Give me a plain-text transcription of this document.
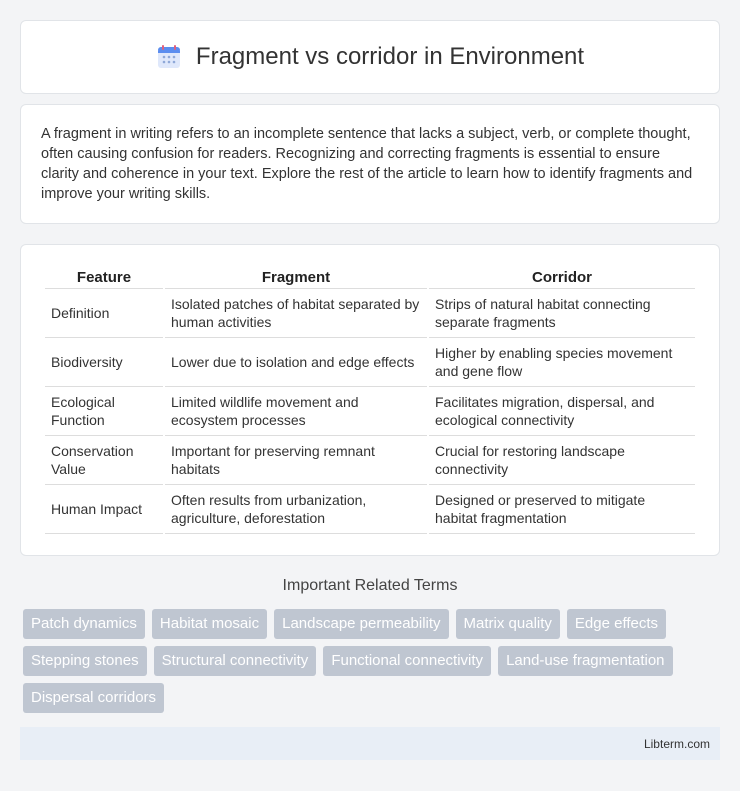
Fragment vs corridor in Environment

A fragment in writing refers to an incomplete sentence that lacks a subject, verb, or complete thought, often causing confusion for readers. Recognizing and correcting fragments is essential to ensure clarity and coherence in your text. Explore the rest of the article to learn how to identify fragments and improve your writing skills.

Feature	Fragment	Corridor
Definition	Isolated patches of habitat separated by human activities	Strips of natural habitat connecting separate fragments
Biodiversity	Lower due to isolation and edge effects	Higher by enabling species movement and gene flow
Ecological Function	Limited wildlife movement and ecosystem processes	Facilitates migration, dispersal, and ecological connectivity
Conservation Value	Important for preserving remnant habitats	Crucial for restoring landscape connectivity
Human Impact	Often results from urbanization, agriculture, deforestation	Designed or preserved to mitigate habitat fragmentation
Important Related Terms
Patch dynamics	Habitat mosaic	Landscape permeability	Matrix quality	Edge effects
Stepping stones	Structural connectivity	Functional connectivity	Land-use fragmentation
Dispersal corridors
Libterm.com
